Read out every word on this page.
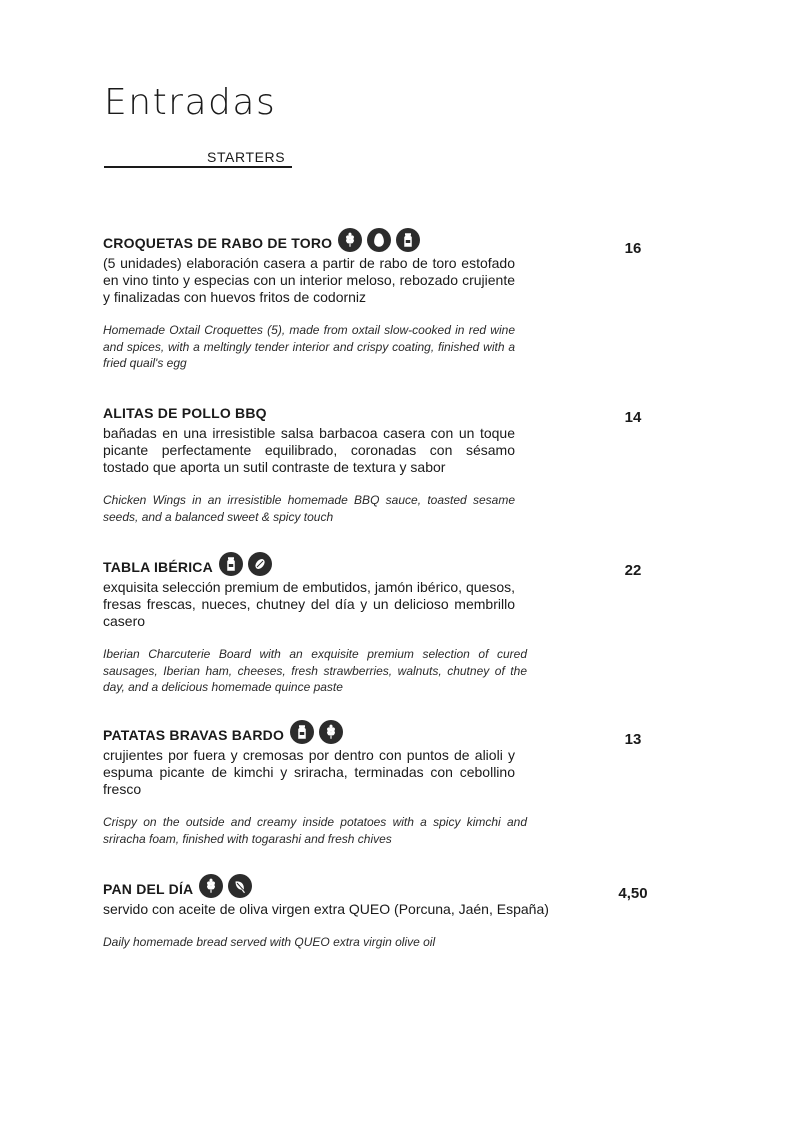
Entradas
STARTERS
CROQUETAS DE RABO DE TORO
(5 unidades) elaboración casera a partir de rabo de toro estofado en vino tinto y especias con un interior meloso, rebozado crujiente y finalizadas con huevos fritos de codorniz
Homemade Oxtail Croquettes (5), made from oxtail slow-cooked in red wine and spices, with a meltingly tender interior and crispy coating, finished with a fried quail's egg
16
ALITAS DE POLLO BBQ
bañadas en una irresistible salsa barbacoa casera con un toque picante perfectamente equilibrado, coronadas con sésamo tostado que aporta un sutil contraste de textura y sabor
Chicken Wings in an irresistible homemade BBQ sauce, toasted sesame seeds, and a balanced sweet & spicy touch
14
TABLA IBÉRICA
exquisita selección premium de embutidos, jamón ibérico, quesos, fresas frescas, nueces, chutney del día y un delicioso membrillo casero
Iberian Charcuterie Board with an exquisite premium selection of cured sausages, Iberian ham, cheeses, fresh strawberries, walnuts, chutney of the day, and a delicious homemade quince paste
22
PATATAS BRAVAS BARDO
crujientes por fuera y cremosas por dentro con puntos de alioli y espuma picante de kimchi y sriracha, terminadas con cebollino fresco
Crispy on the outside and creamy inside potatoes with a spicy kimchi and sriracha foam, finished with togarashi and fresh chives
13
PAN DEL DÍA
servido con aceite de oliva virgen extra QUEO (Porcuna, Jaén, España)
Daily homemade bread served with QUEO extra virgin olive oil
4,50
